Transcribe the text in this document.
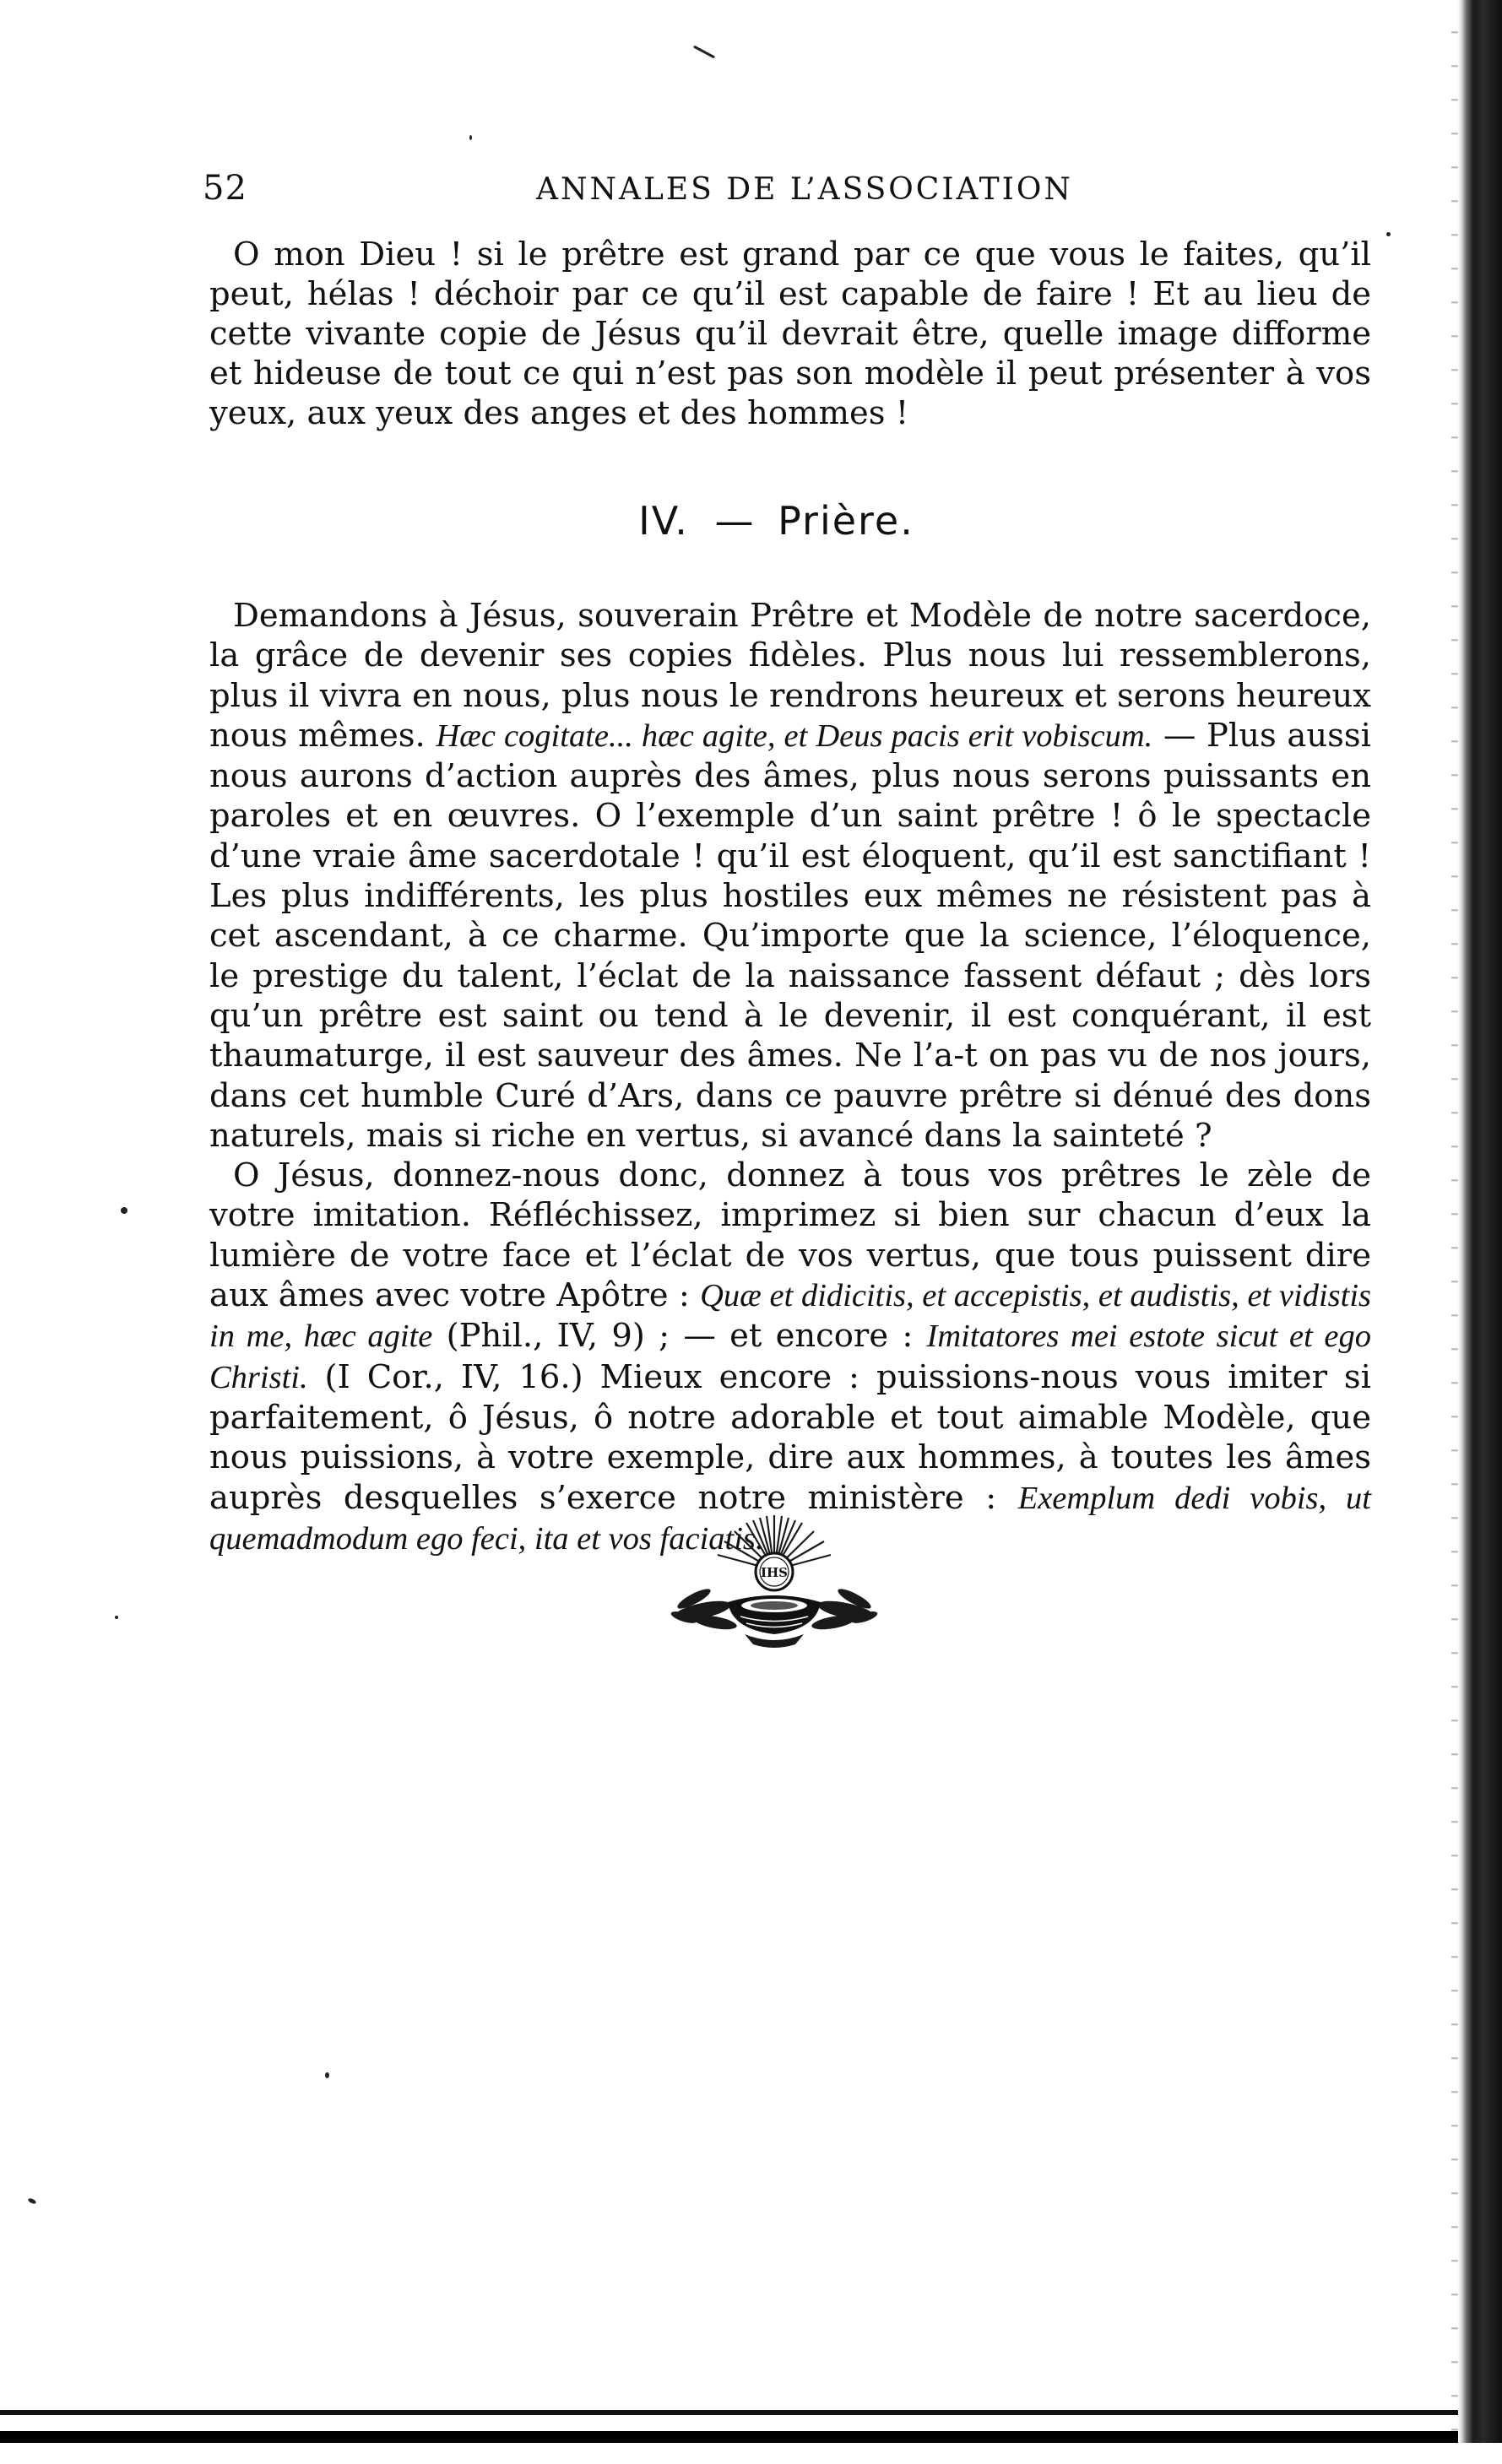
52	ANNALES DE L’ASSOCIATION

O mon Dieu ! si le prêtre est grand par ce que vous le faites, qu’il peut, hélas ! déchoir par ce qu’il est capable de faire ! Et au lieu de cette vivante copie de Jésus qu’il devrait être, quelle image difforme et hideuse de tout ce qui n’est pas son modèle il peut présenter à vos yeux, aux yeux des anges et des hommes !

IV. — Prière.

Demandons à Jésus, souverain Prêtre et Modèle de notre sacerdoce, la grâce de devenir ses copies fidèles. Plus nous lui ressemblerons, plus il vivra en nous, plus nous le rendrons heureux et serons heureux nous mêmes. Hæc cogitate... hæc agite, et Deus pacis erit vobiscum. — Plus aussi nous aurons d’action auprès des âmes, plus nous serons puissants en paroles et en œuvres. O l’exemple d’un saint prêtre ! ô le spectacle d’une vraie âme sacerdotale ! qu’il est éloquent, qu’il est sanctifiant ! Les plus indifférents, les plus hostiles eux mêmes ne résistent pas à cet ascendant, à ce charme. Qu’importe que la science, l’éloquence, le prestige du talent, l’éclat de la naissance fassent défaut ; dès lors qu’un prêtre est saint ou tend à le devenir, il est conquérant, il est thaumaturge, il est sauveur des âmes. Ne l’a-t on pas vu de nos jours, dans cet humble Curé d’Ars, dans ce pauvre prêtre si dénué des dons naturels, mais si riche en vertus, si avancé dans la sainteté ?

O Jésus, donnez-nous donc, donnez à tous vos prêtres le zèle de votre imitation. Réfléchissez, imprimez si bien sur chacun d’eux la lumière de votre face et l’éclat de vos vertus, que tous puissent dire aux âmes avec votre Apôtre : Quæ et didicitis, et accepistis, et audistis, et vidistis in me, hæc agite (Phil., IV, 9) ; — et encore : Imitatores mei estote sicut et ego Christi. (I Cor., IV, 16.) Mieux encore : puissions-nous vous imiter si parfaitement, ô Jésus, ô notre adorable et tout aimable Modèle, que nous puissions, à votre exemple, dire aux hommes, à toutes les âmes auprès desquelles s’exerce notre ministère : Exemplum dedi vobis, ut quemadmodum ego feci, ita et vos faciatis.

IHS
